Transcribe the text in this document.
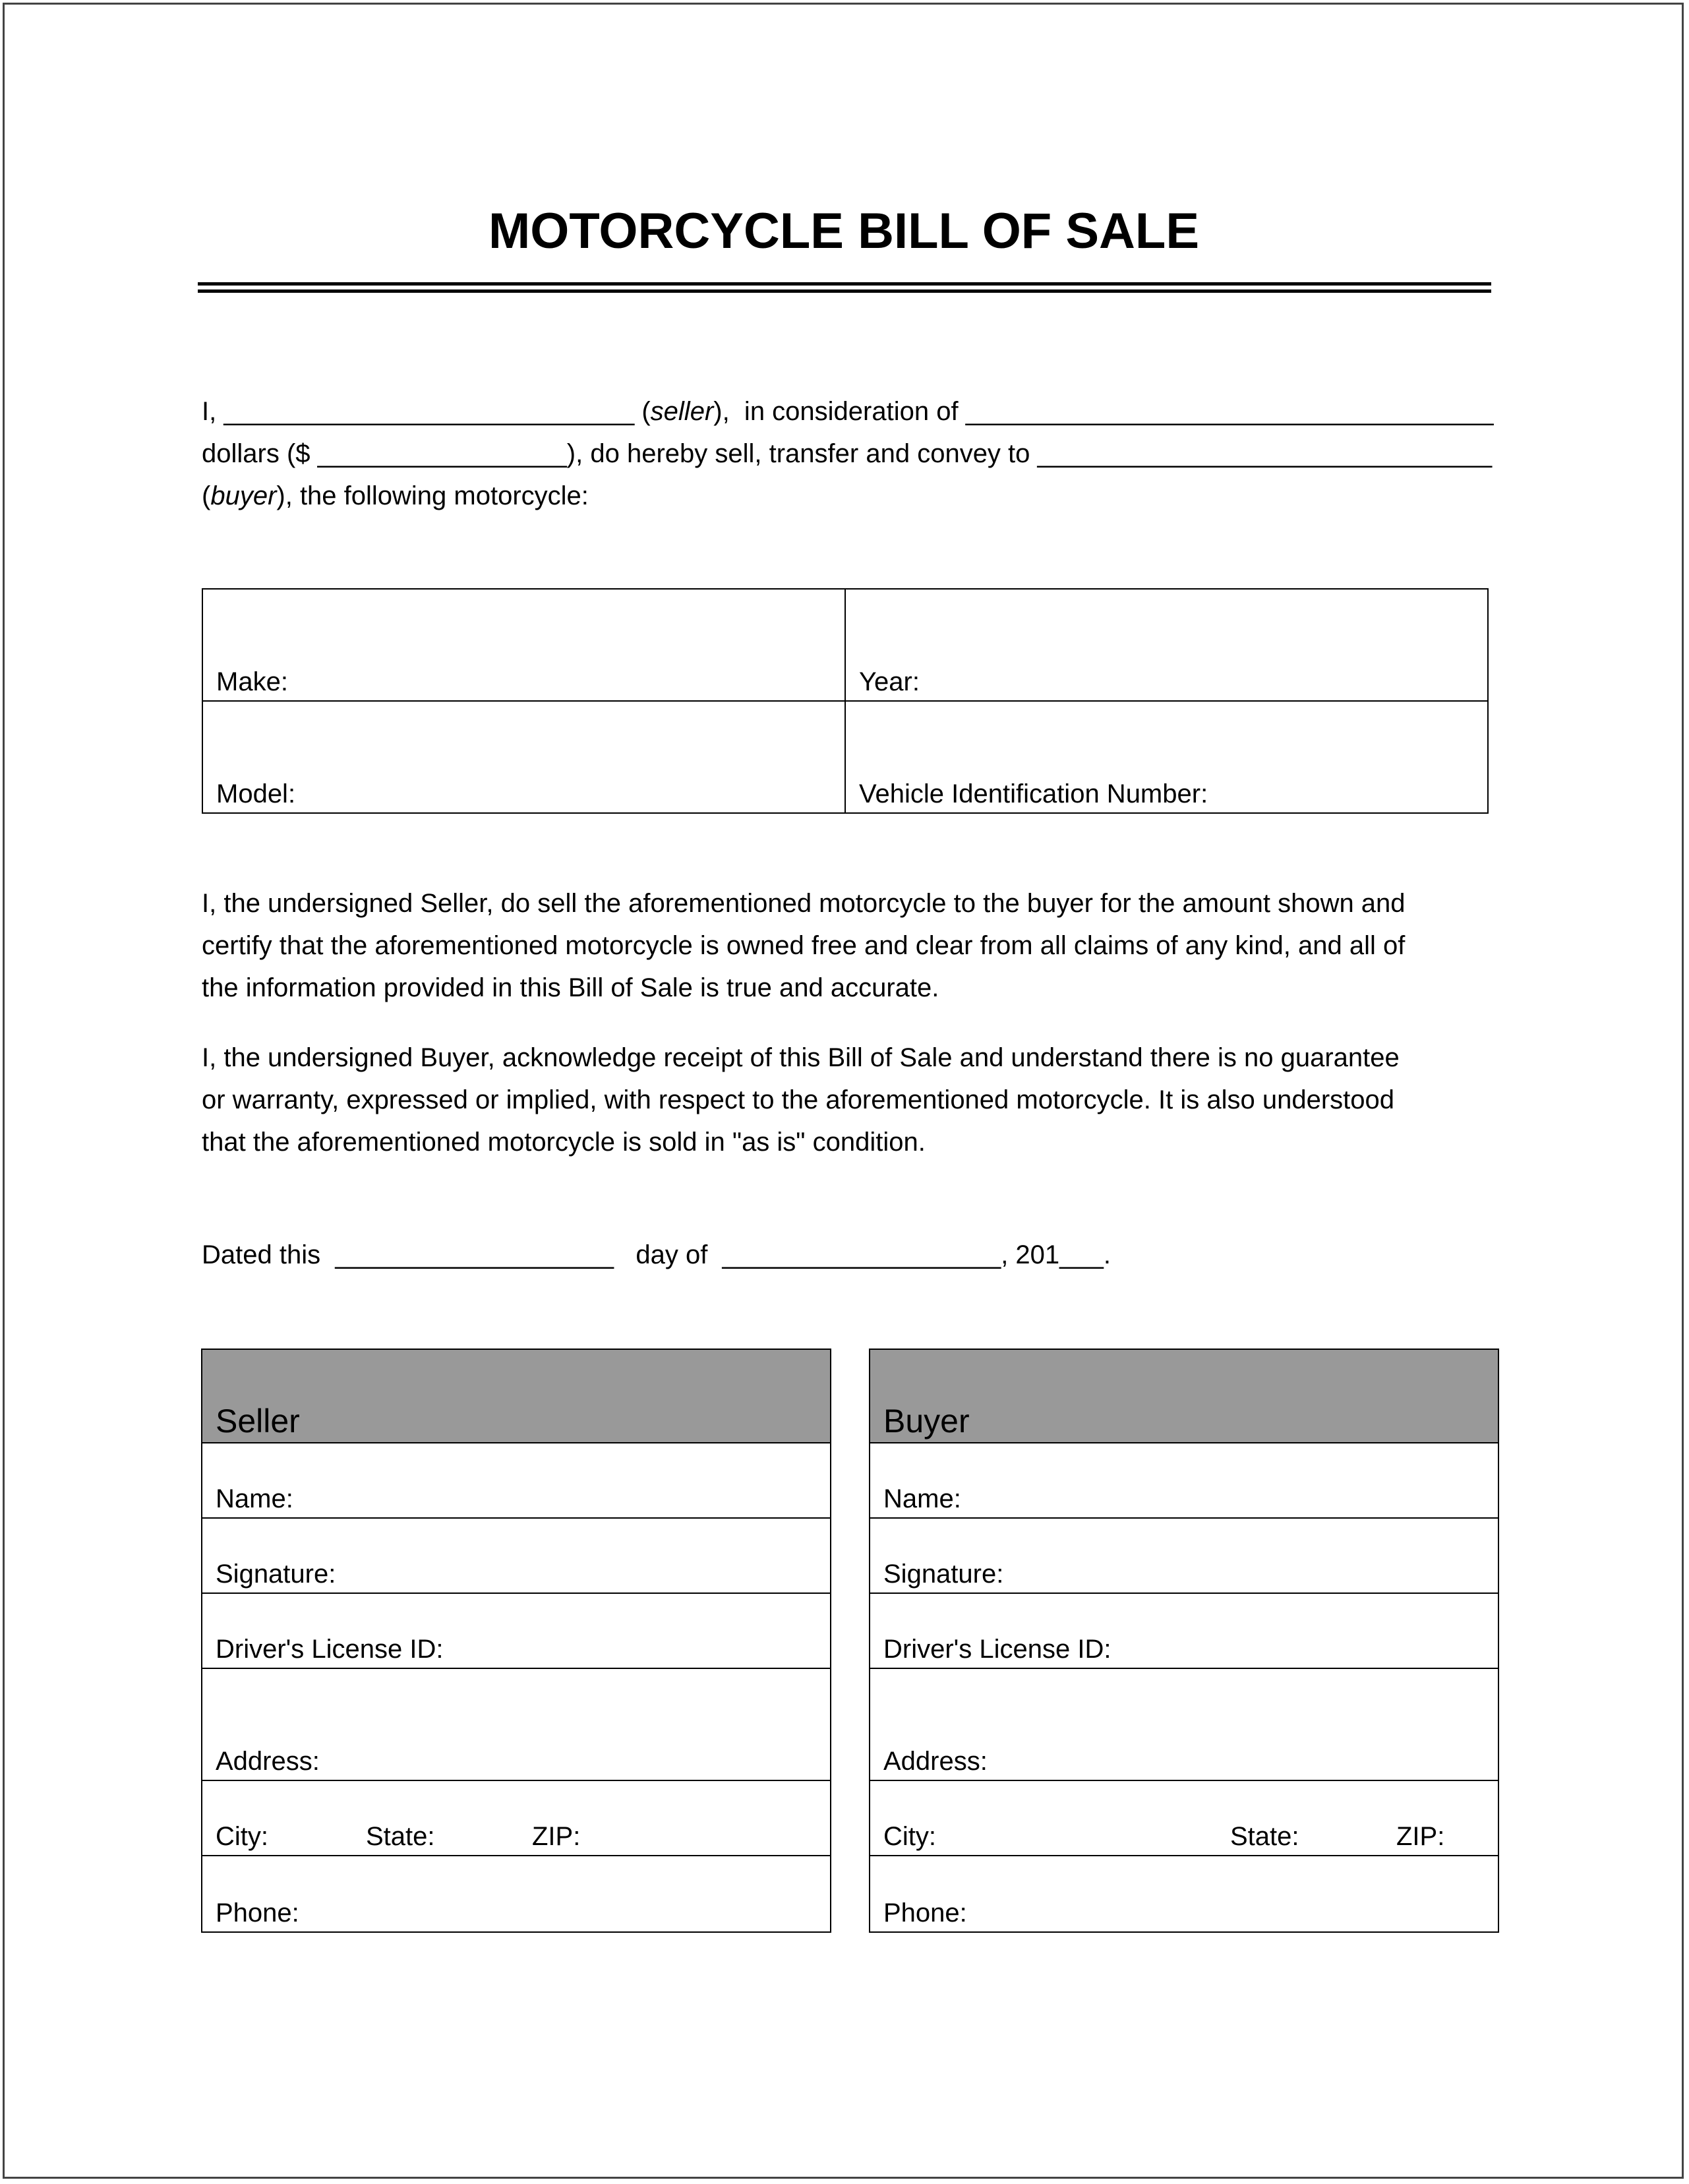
MOTORCYCLE BILL OF SALE
I, ____________________________ (seller),  in consideration of ____________________________________
dollars ($ _________________), do hereby sell, transfer and convey to _______________________________
(buyer), the following motorcycle:
Make:	Year:
Model:	Vehicle Identification Number:
I, the undersigned Seller, do sell the aforementioned motorcycle to the buyer for the amount shown and
certify that the aforementioned motorcycle is owned free and clear from all claims of any kind, and all of
the information provided in this Bill of Sale is true and accurate.
I, the undersigned Buyer, acknowledge receipt of this Bill of Sale and understand there is no guarantee
or warranty, expressed or implied, with respect to the aforementioned motorcycle. It is also understood
that the aforementioned motorcycle is sold in "as is" condition.
Dated this  ___________________   day of  ___________________, 201___.
Seller
Name:
Signature:
Driver's License ID:
Address:
City:	State:	ZIP:
Phone:
Buyer
Name:
Signature:
Driver's License ID:
Address:
City:	State:	ZIP:
Phone:
